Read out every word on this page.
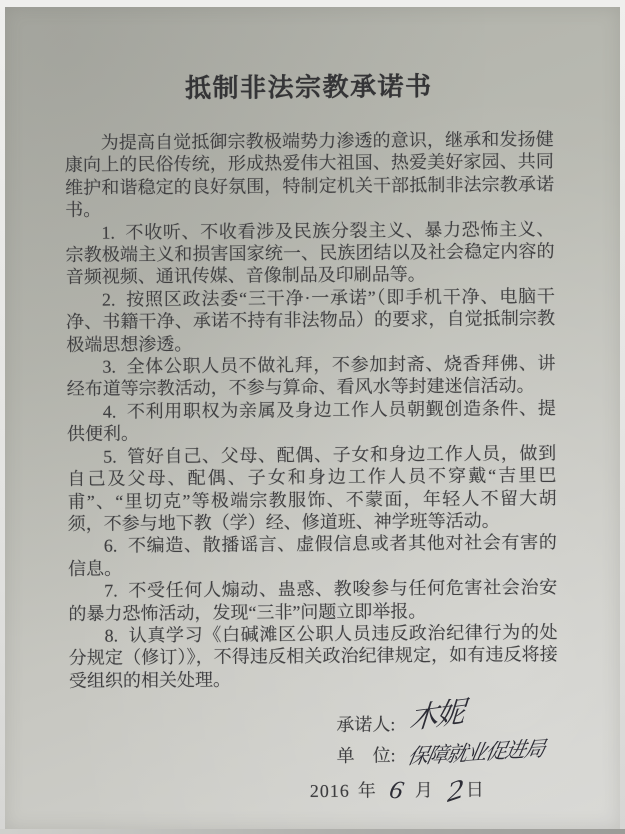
抵制非法宗教承诺书

为提高自觉抵御宗教极端势力渗透的意识，继承和发扬健康向上的民俗传统，形成热爱伟大祖国、热爱美好家园、共同维护和谐稳定的良好氛围，特制定机关干部抵制非法宗教承诺书。

1. 不收听、不收看涉及民族分裂主义、暴力恐怖主义、宗教极端主义和损害国家统一、民族团结以及社会稳定内容的音频视频、通讯传媒、音像制品及印刷品等。

2. 按照区政法委“三干净·一承诺”（即手机干净、电脑干净、书籍干净、承诺不持有非法物品）的要求，自觉抵制宗教极端思想渗透。

3. 全体公职人员不做礼拜，不参加封斋、烧香拜佛、讲经布道等宗教活动，不参与算命、看风水等封建迷信活动。

4. 不利用职权为亲属及身边工作人员朝觐创造条件、提供便利。

5. 管好自己、父母、配偶、子女和身边工作人员，做到自己及父母、配偶、子女和身边工作人员不穿戴“吉里巴甫”、“里切克”等极端宗教服饰、不蒙面，年轻人不留大胡须，不参与地下教（学）经、修道班、神学班等活动。

6. 不编造、散播谣言、虚假信息或者其他对社会有害的信息。

7. 不受任何人煽动、蛊惑、教唆参与任何危害社会治安的暴力恐怖活动，发现“三非”问题立即举报。

8. 认真学习《白碱滩区公职人员违反政治纪律行为的处分规定（修订）》，不得违反相关政治纪律规定，如有违反将接受组织的相关处理。

承诺人: 木妮
单　位: 保障就业促进局
2016 年 6 月 2 日
